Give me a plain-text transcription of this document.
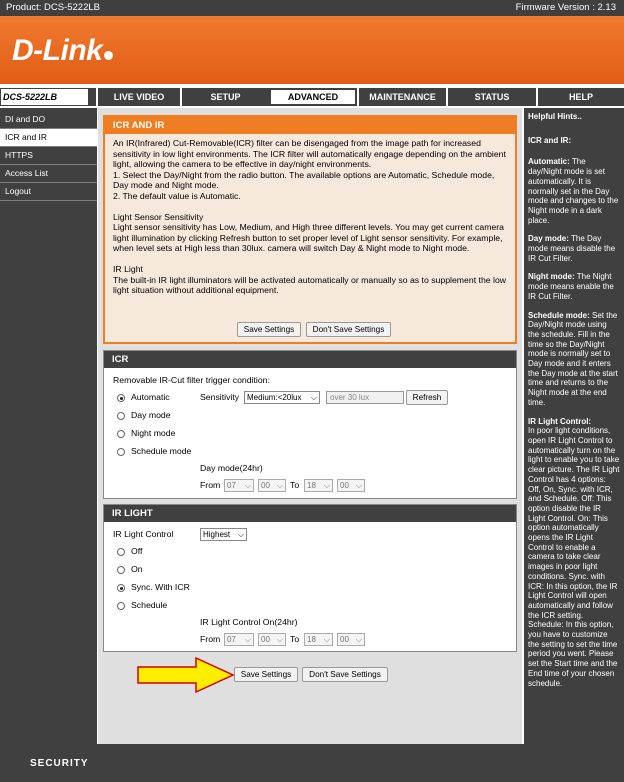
Product: DCS-5222LB	Firmware Version : 2.13
D-Link
DCS-5222LB	LIVE VIDEO	SETUP	ADVANCED	MAINTENANCE	STATUS	HELP
DI and DO
ICR and IR
HTTPS
Access List
Logout
ICR AND IR

An IR(Infrared) Cut-Removable(ICR) filter can be disengaged from the image path for increased sensitivity in low light environments. The ICR filter will automatically engage depending on the ambient light, allowing the camera to be effective in day/night environments.

1. Select the Day/Night from the radio button. The available options are Automatic, Schedule mode, Day mode and Night mode.

2. The default value is Automatic.

Light Sensor Sensitivity

Light sensor sensitivity has Low, Medium, and High three different levels. You may get current camera light illumination by clicking Refresh button to set proper level of Light sensor sensitivity. For example, when level sets at High less than 30lux. camera will switch Day & Night mode to Night mode.

IR Light

The built-in IR light illuminators will be activated automatically or manually so as to supplement the low light situation without additional equipment.

Save Settings	Don't Save Settings
ICR
Removable IR-Cut filter trigger condition:
Automatic
Day mode
Night mode
Schedule mode
Sensitivity Medium:<20lux ⌵	over 30 lux	Refresh
Day mode(24hr)
From 07 ⌵	00 ⌵ To 18 ⌵	00 ⌵
IR LIGHT
IR Light Control	Highest ⌵
Off
On
Sync. With ICR
Schedule
IR Light Control On(24hr)
From 07 ⌵	00 ⌵ To 18 ⌵	00 ⌵
Save Settings	Don't Save Settings

Helpful Hints..

ICR and IR:

Automatic: The day/Night mode is set automatically. It is normally set in the Day mode and changes to the Night mode in a dark place.

Day mode: The Day mode means disable the IR Cut Filter.

Night mode: The Night mode means enable the IR Cut Filter.

Schedule mode: Set the Day/Night mode using the schedule. Fill in the time so the Day/Night mode is normally set to Day mode and it enters the Day mode at the start time and returns to the Night mode at the end time.

IR Light Control:
In poor light conditions, open IR Light Control to automatically turn on the light to enable you to take clear picture. The IR Light Control has 4 options: Off, On, Sync. with ICR, and Schedule. Off: This option disable the IR Light Control. On: This option automatically opens the IR Light Control to enable a camera to take clear images in poor light conditions. Sync. with ICR: In this option, the IR Light Control will open automatically and follow the ICR setting. Schedule: In this option, you have to customize the setting to set the time period you went. Please set the Start time and the End time of your chosen schedule.

SECURITY
